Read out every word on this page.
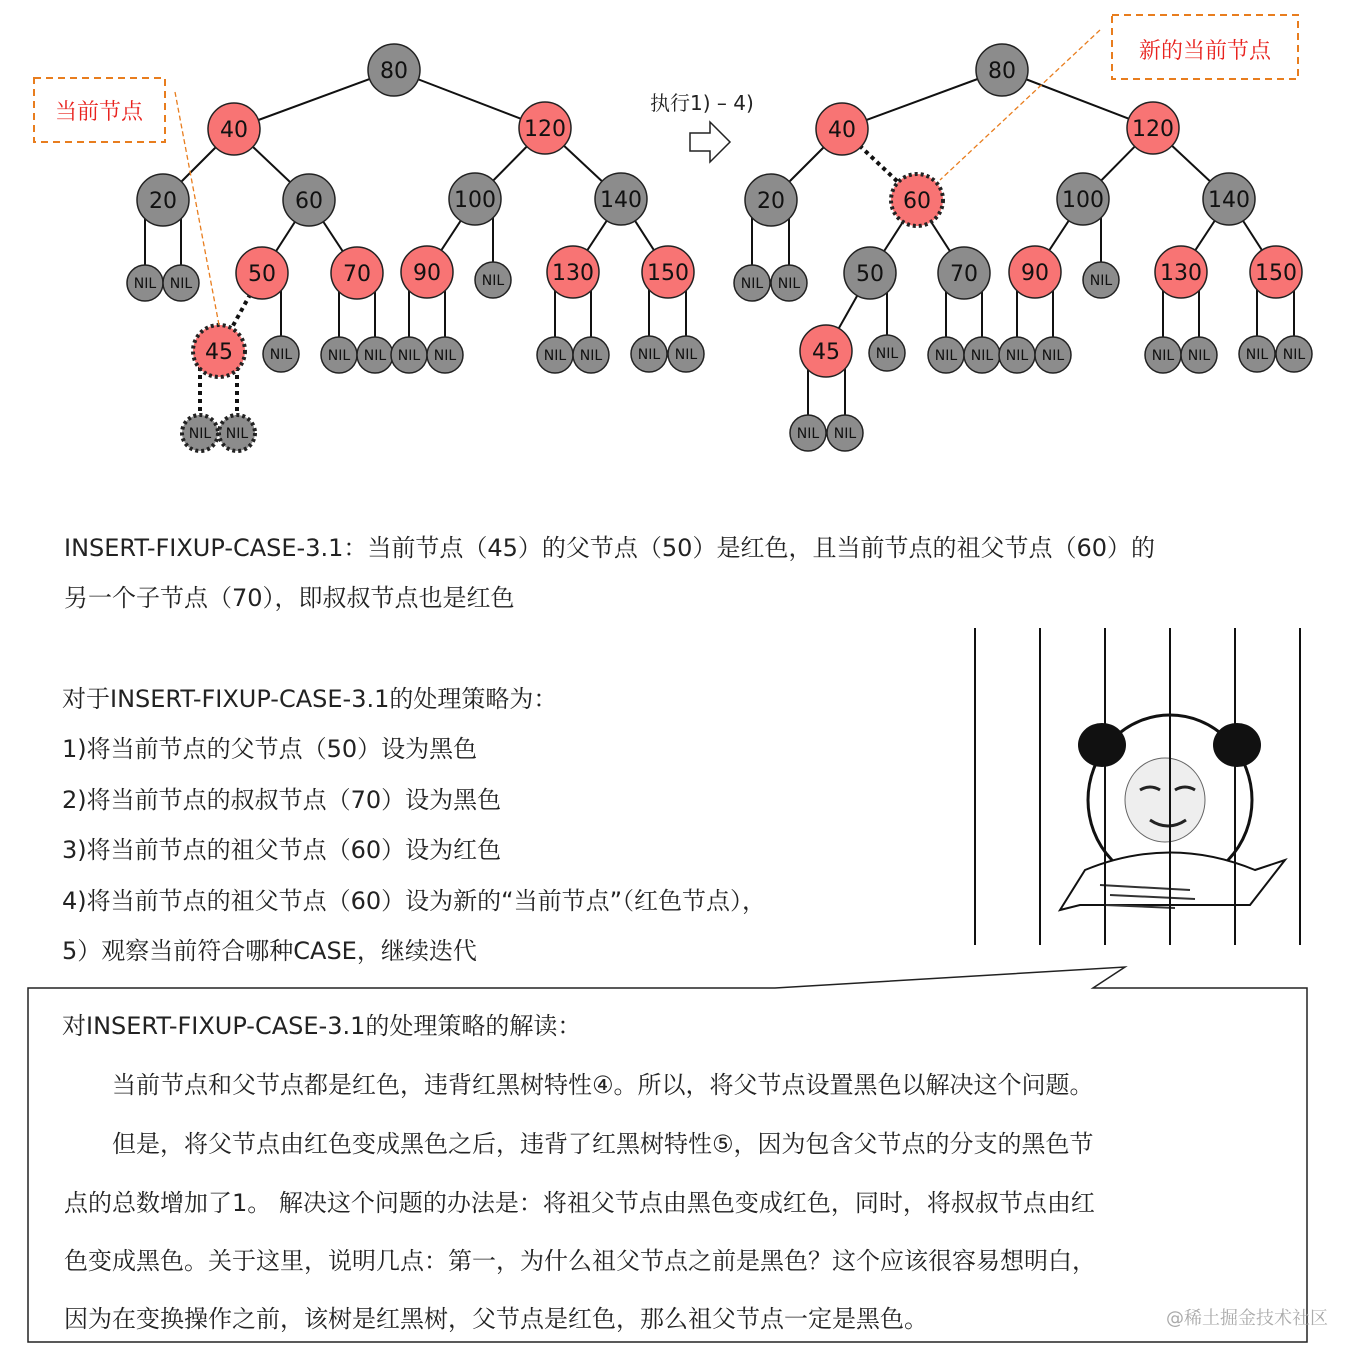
80
40	120
20	60	100	140
50	70 90	NIL 130 150
NIL NIL
45	NIL	NIL NIL NIL NIL	NIL NIL	NIL NIL
NIL NIL
80
40	120
20	60	100	140
50	70 90	NIL 130 150
NIL NIL
45	NIL	NIL NIL NIL NIL	NIL NIL	NIL NIL
NIL NIL
当前节点
新的当前节点
执行1) – 4)
INSERT-FIXUP-CASE-3.1：当前节点（45）的父节点（50）是红色，且当前节点的祖父节点（60）的
另一个子节点（70），即叔叔节点也是红色
对于INSERT-FIXUP-CASE-3.1的处理策略为：
1)将当前节点的父节点（50）设为黑色
2)将当前节点的叔叔节点（70）设为黑色
3)将当前节点的祖父节点（60）设为红色
4)将当前节点的祖父节点（60）设为新的“当前节点”（红色节点），
5）观察当前符合哪种CASE，继续迭代
对INSERT-FIXUP-CASE-3.1的处理策略的解读：
　　当前节点和父节点都是红色，违背红黑树特性④。所以，将父节点设置黑色以解决这个问题。
　　但是，将父节点由红色变成黑色之后，违背了红黑树特性⑤，因为包含父节点的分支的黑色节
点的总数增加了1。 解决这个问题的办法是：将祖父节点由黑色变成红色，同时，将叔叔节点由红
色变成黑色。关于这里，说明几点：第一，为什么祖父节点之前是黑色？这个应该很容易想明白，
因为在变换操作之前，该树是红黑树，父节点是红色，那么祖父节点一定是黑色。	@稀土掘金技术社区
